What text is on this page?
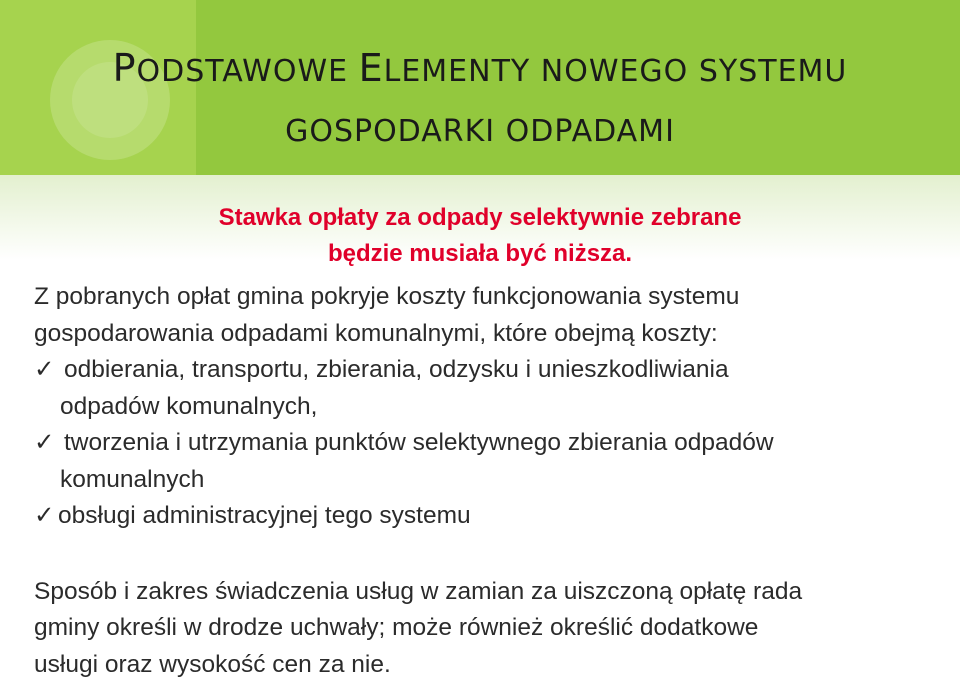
PODSTAWOWE ELEMENTY NOWEGO SYSTEMU
GOSPODARKI ODPADAMI
Stawka opłaty za odpady selektywnie zebrane
będzie musiała być niższa.
Z pobranych opłat gmina pokryje koszty funkcjonowania systemu
gospodarowania odpadami komunalnymi, które obejmą koszty:
✓ odbierania, transportu, zbierania, odzysku i unieszkodliwiania
odpadów komunalnych,
✓ tworzenia i utrzymania punktów selektywnego zbierania odpadów
komunalnych
✓ obsługi administracyjnej tego systemu
Sposób i zakres świadczenia usług w zamian za uiszczoną opłatę rada
gminy określi w drodze uchwały; może również określić dodatkowe
usługi oraz wysokość cen za nie.
